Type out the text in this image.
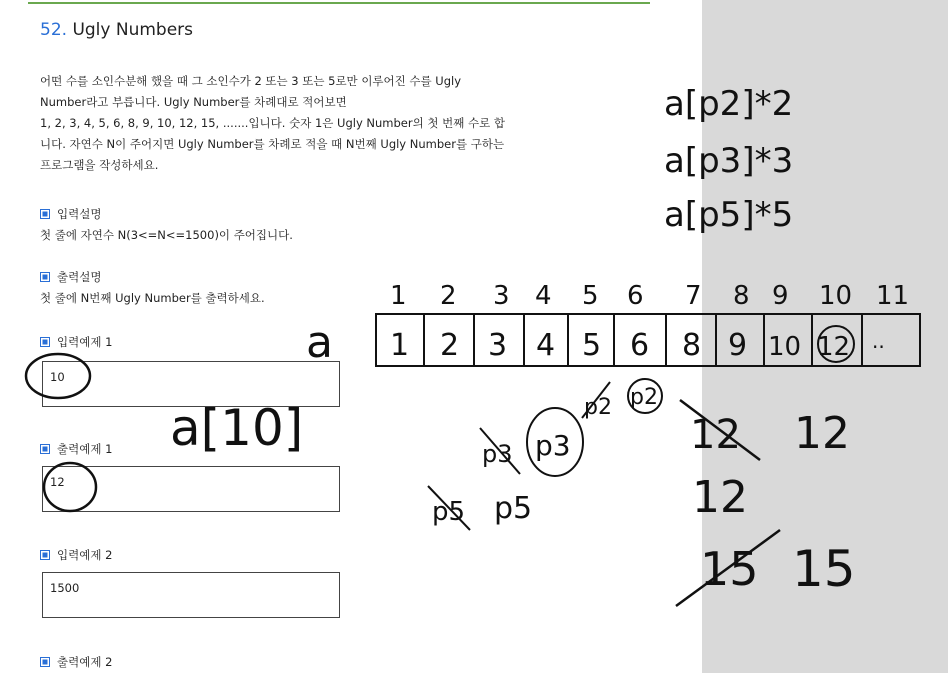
52. Ugly Numbers
어떤 수를 소인수분해 했을 때 그 소인수가 2 또는 3 또는 5로만 이루어진 수를 Ugly
Number라고 부릅니다. Ugly Number를 차례대로 적어보면
1, 2, 3, 4, 5, 6, 8, 9, 10, 12, 15, .......입니다. 숫자 1은 Ugly Number의 첫 번째 수로 합
니다. 자연수 N이 주어지면 Ugly Number를 차례로 적을 때 N번째 Ugly Number를 구하는
프로그램을 작성하세요.
입력설명
첫 줄에 자연수 N(3<=N<=1500)이 주어집니다.
출력설명
첫 줄에 N번째 Ugly Number를 출력하세요.
입력예제 1
10
출력예제 1
12
입력예제 2
1500
출력예제 2
a[p2]*2
a[p3]*3
a[p5]*5
1 2 3 4 5 6 7 8 9 10 11
1 2 3 4 5 6 8 9 10 12 ..
a
a[10]	p2 p2
p3 p3
p5 p5
12 12
12
15 15
